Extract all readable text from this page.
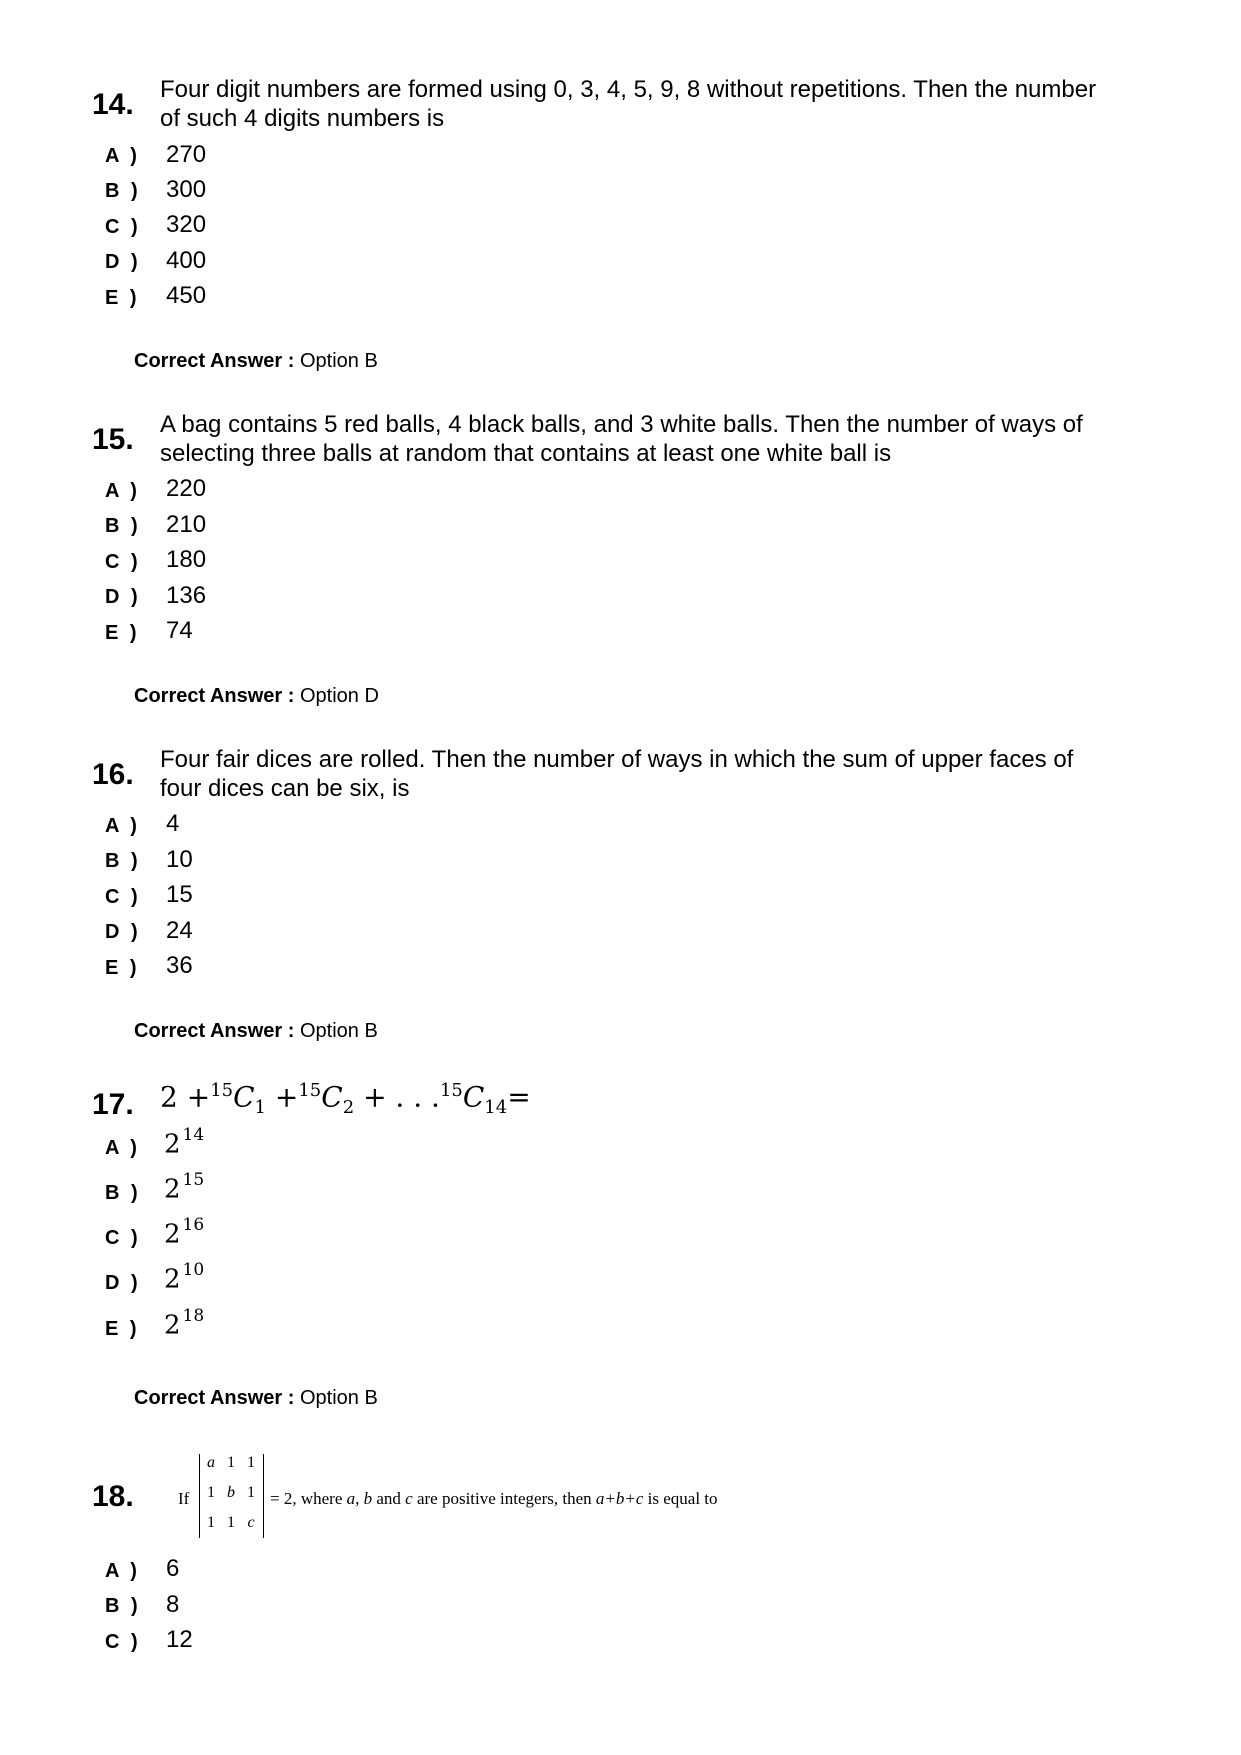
14. Four digit numbers are formed using 0, 3, 4, 5, 9, 8 without repetitions. Then the number
of such 4 digits numbers is
A ) 270
B ) 300
C ) 320
D ) 400
E ) 450
Correct Answer : Option B
15. A bag contains 5 red balls, 4 black balls, and 3 white balls. Then the number of ways of
selecting three balls at random that contains at least one white ball is
A ) 220
B ) 210
C ) 180
D ) 136
E ) 74
Correct Answer : Option D
16. Four fair dices are rolled. Then the number of ways in which the sum of upper faces of
four dices can be six, is
A ) 4
B ) 10
C ) 15
D ) 24
E ) 36
Correct Answer : Option B
17. $2 +^{15}C_1 +^{15}C_2$ + . . $.^{15}C_{14}=$
A ) 2 $^{14}$
B ) 2 $^{15}$
C ) 2 $^{16}$
D ) 2 $^{10}$
E ) 2 $^{18}$
Correct Answer : Option B
18.	If
a 1 1
1 b 1
1 1 c
= 2, where a, b and c are positive integers, then a+b+c is equal to
A ) 6
B ) 8
C ) 12
